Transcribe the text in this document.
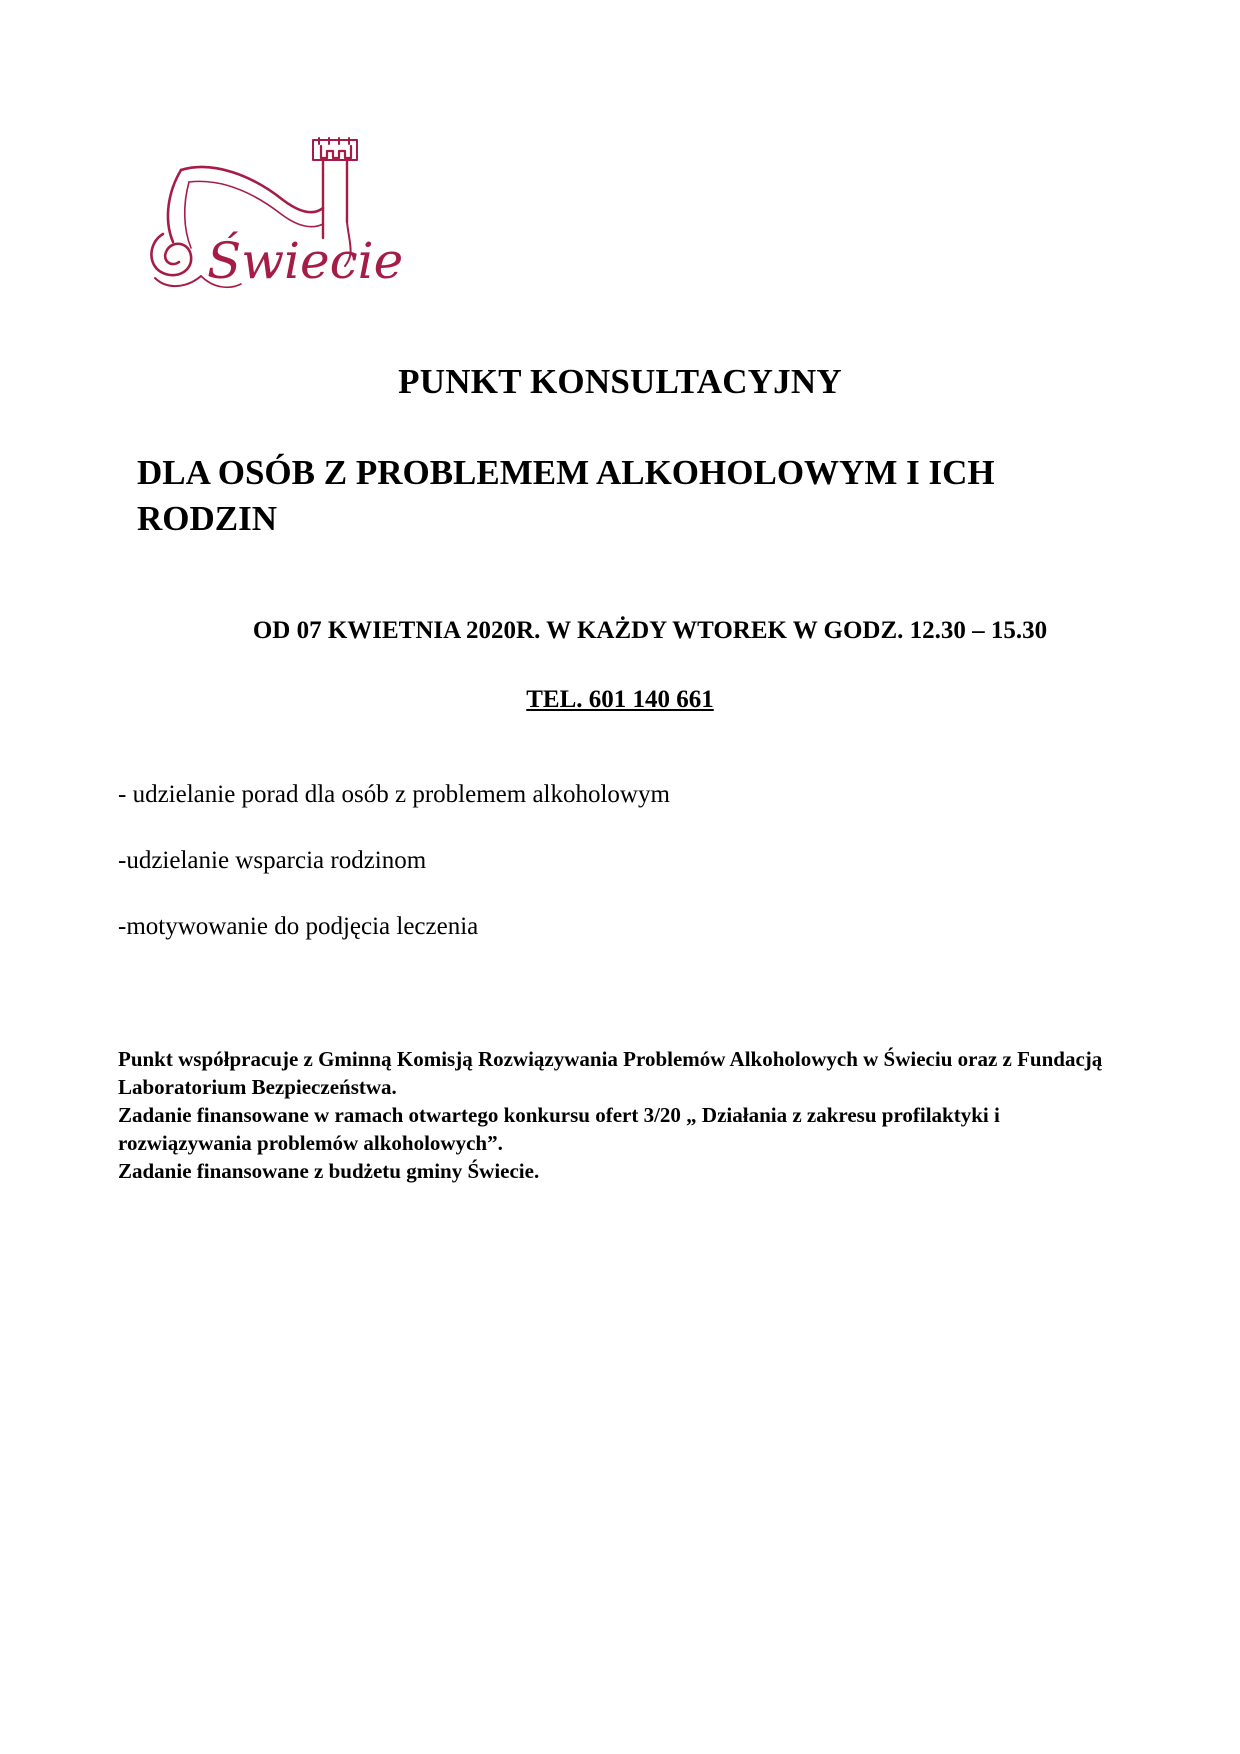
Świecie
PUNKT KONSULTACYJNY
DLA OSÓB Z PROBLEMEM ALKOHOLOWYM I ICH RODZIN

OD 07 KWIETNIA 2020R. W KAŻDY WTOREK W GODZ. 12.30 – 15.30

TEL. 601 140 661

- udzielanie porad dla osób z problemem alkoholowym
-udzielanie wsparcia rodzinom
-motywowanie do podjęcia leczenia

Punkt współpracuje z Gminną Komisją Rozwiązywania Problemów Alkoholowych w Świeciu oraz z Fundacją Laboratorium Bezpieczeństwa.
Zadanie finansowane w ramach otwartego konkursu ofert 3/20 „ Działania z zakresu profilaktyki i rozwiązywania problemów alkoholowych”.
Zadanie finansowane z budżetu gminy Świecie.
